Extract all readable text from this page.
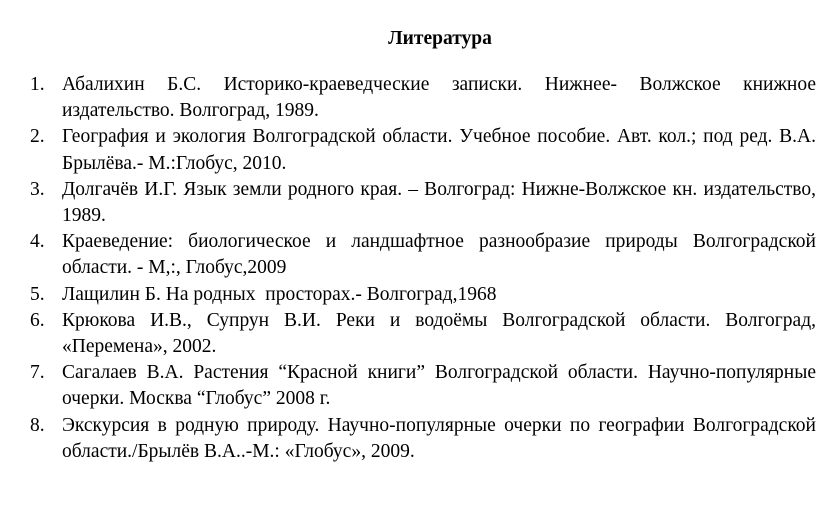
Литература
1. Абалихин Б.С. Историко-краеведческие записки. Нижнее- Волжское книжное издательство. Волгоград, 1989.
2. География и экология Волгоградской области. Учебное пособие. Авт. кол.; под ред. В.А. Брылёва.- М.:Глобус, 2010.
3. Долгачёв И.Г. Язык земли родного края. – Волгоград: Нижне-Волжское кн. издательство, 1989.
4. Краеведение: биологическое и ландшафтное разнообразие природы Волгоградской области. - М,:, Глобус,2009
5. Лащилин Б. На родных  просторах.- Волгоград,1968
6. Крюкова И.В., Супрун В.И. Реки и водоёмы Волгоградской области. Волгоград, «Перемена», 2002.
7. Сагалаев В.А. Растения “Красной книги” Волгоградской области. Научно-популярные очерки. Москва “Глобус” 2008 г.
8. Экскурсия в родную природу. Научно-популярные очерки по географии Волгоградской области./Брылёв В.А..-М.: «Глобус», 2009.
